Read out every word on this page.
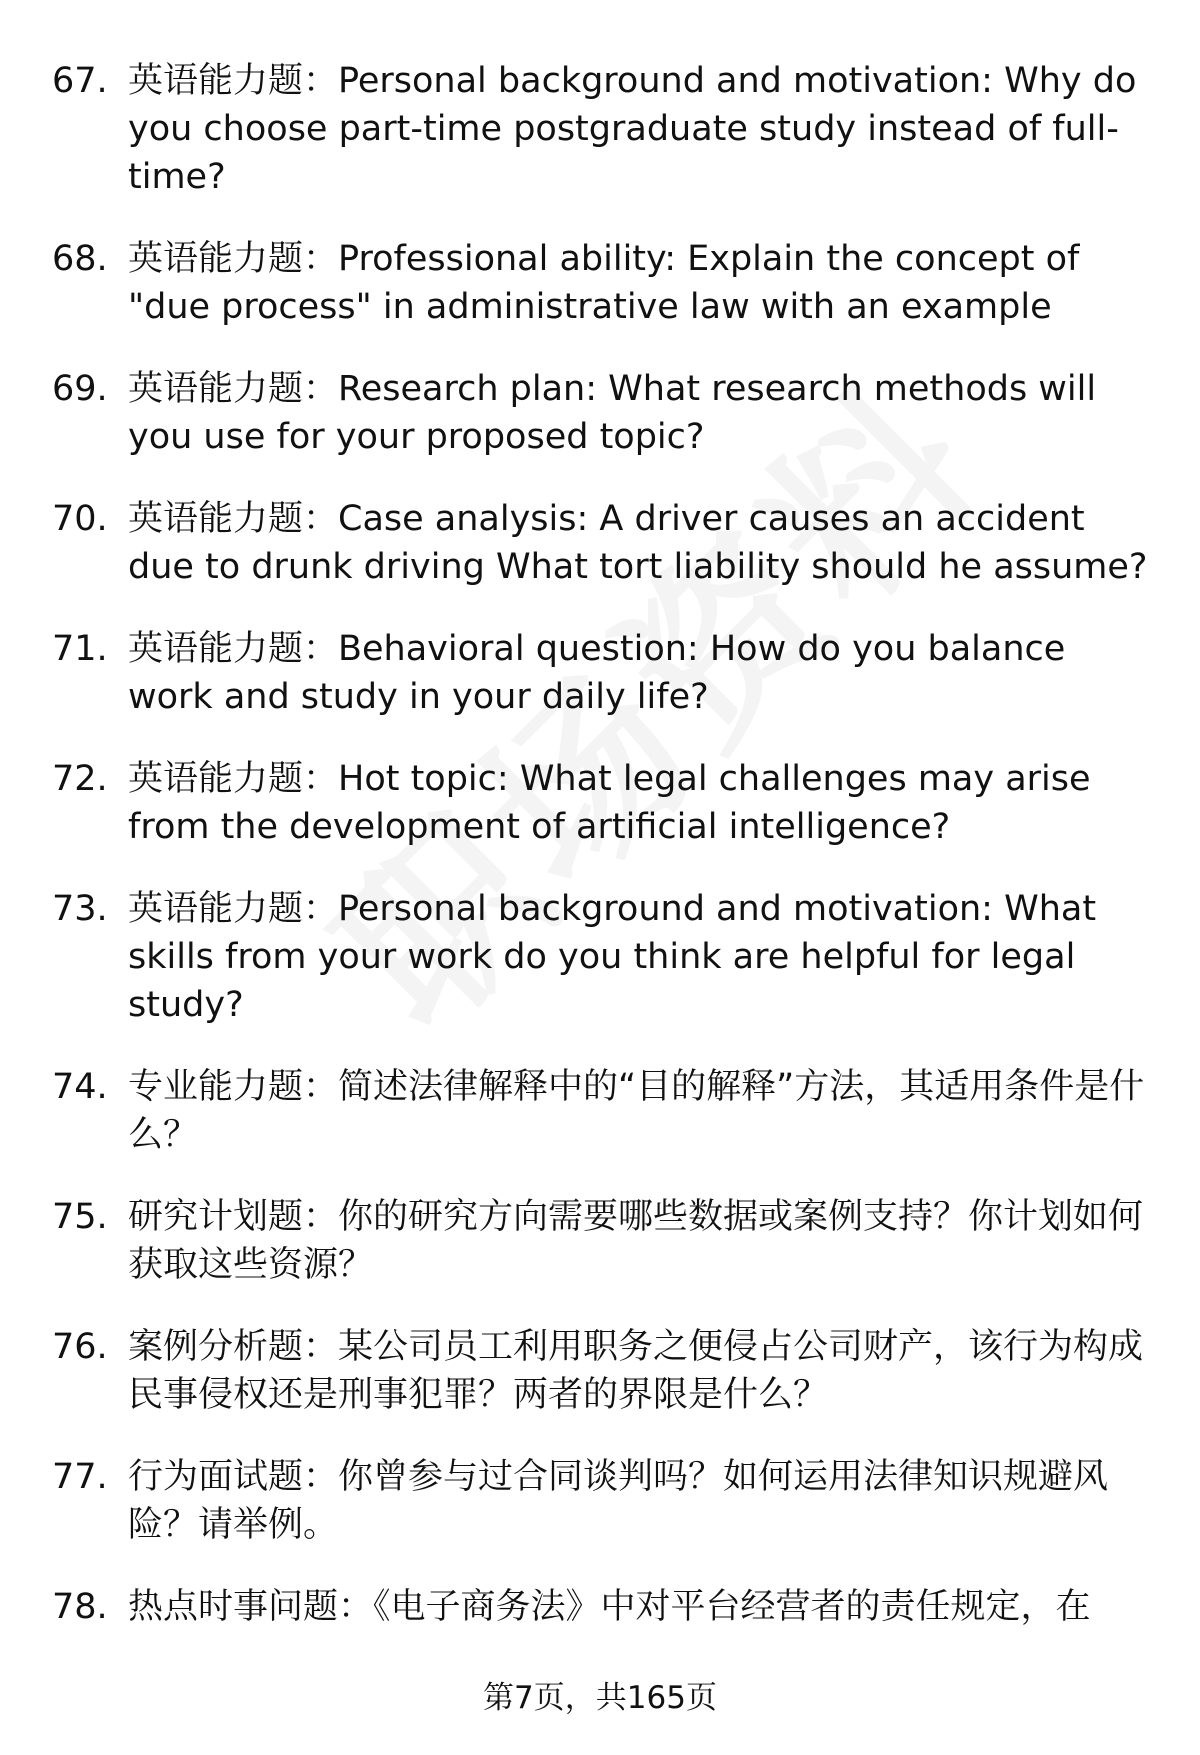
67. 英语能力题：Personal background and motivation: Why do you choose part-time postgraduate study instead of full-time?
68. 英语能力题：Professional ability: Explain the concept of "due process" in administrative law with an example
69. 英语能力题：Research plan: What research methods will you use for your proposed topic?
70. 英语能力题：Case analysis: A driver causes an accident due to drunk driving What tort liability should he assume?
71. 英语能力题：Behavioral question: How do you balance work and study in your daily life?
72. 英语能力题：Hot topic: What legal challenges may arise from the development of artificial intelligence?
73. 英语能力题：Personal background and motivation: What skills from your work do you think are helpful for legal study?
74. 专业能力题：简述法律解释中的“目的解释”方法，其适用条件是什么？
75. 研究计划题：你的研究方向需要哪些数据或案例支持？你计划如何获取这些资源？
76. 案例分析题：某公司员工利用职务之便侵占公司财产，该行为构成民事侵权还是刑事犯罪？两者的界限是什么？
77. 行为面试题：你曾参与过合同谈判吗？如何运用法律知识规避风险？请举例。
78. 热点时事问题：《电子商务法》中对平台经营者的责任规定，在
第7页，共165页
